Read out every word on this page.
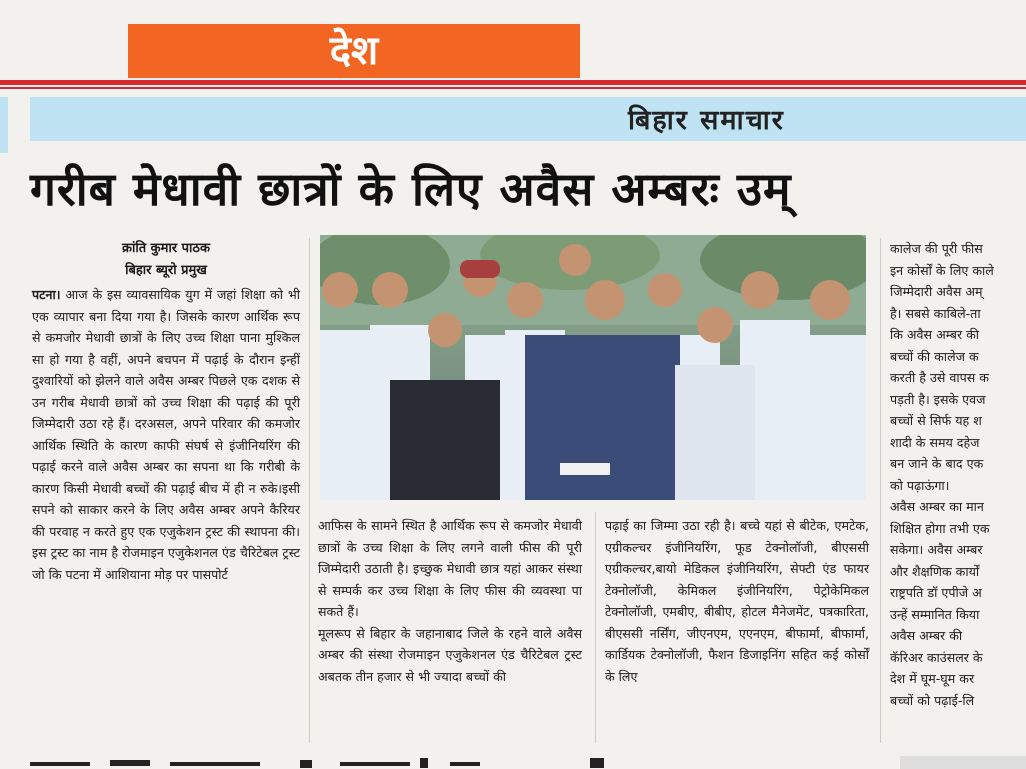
देश
बिहार समाचार
गरीब मेधावी छात्रों के लिए अवैस अम्बरः उम्
क्रांति कुमार पाठक
बिहार ब्यूरो प्रमुख

पटना। आज के इस व्यावसायिक युग में जहां शिक्षा को भी एक व्यापार बना दिया गया है। जिसके कारण आर्थिक रूप से कमजोर मेधावी छात्रों के लिए उच्च शिक्षा पाना मुश्किल सा हो गया है वहीं, अपने बचपन में पढ़ाई के दौरान इन्हीं दुश्वारियों को झेलने वाले अवैस अम्बर पिछले एक दशक से उन गरीब मेधावी छात्रों को उच्च शिक्षा की पढ़ाई की पूरी जिम्मेदारी उठा रहे हैं। दरअसल, अपने परिवार की कमजोर आर्थिक स्थिति के कारण काफी संघर्ष से इंजीनियरिंग की पढ़ाई करने वाले अवैस अम्बर का सपना था कि गरीबी के कारण किसी मेधावी बच्चों की पढ़ाई बीच में ही न रुके।इसी सपने को साकार करने के लिए अवैस अम्बर अपने कैरियर की परवाह न करते हुए एक एजुकेशन ट्रस्ट की स्थापना की। इस ट्रस्ट का नाम है रोजमाइन एजुकेशनल एंड चैरिटेबल ट्रस्ट जो कि पटना में आशियाना मोड़ पर पासपोर्ट

आफिस के सामने स्थित है आर्थिक रूप से कमजोर मेधावी छात्रों के उच्च शिक्षा के लिए लगने वाली फीस की पूरी जिम्मेदारी उठाती है। इच्छुक मेधावी छात्र यहां आकर संस्था से सम्पर्क कर उच्च शिक्षा के लिए फीस की व्यवस्था पा सकते हैं।

मूलरूप से बिहार के जहानाबाद जिले के रहने वाले अवैस अम्बर की संस्था रोजमाइन एजुकेशनल एंड चैरिटेबल ट्रस्ट अबतक तीन हजार से भी ज्यादा बच्चों की

पढ़ाई का जिम्मा उठा रही है। बच्चे यहां से बीटेक, एमटेक, एग्रीकल्चर इंजीनियरिंग, फूड टेक्नोलॉजी, बीएससी एग्रीकल्चर,बायो मेडिकल इंजीनियरिंग, सेफ्टी एंड फायर टेक्नोलॉजी, केमिकल इंजीनियरिंग, पेट्रोकेमिकल टेक्नोलॉजी, एमबीए, बीबीए, होटल मैनेजमेंट, पत्रकारिता, बीएससी नर्सिंग, जीएनएम, एएनएम, बीफार्मा, बीफार्मा, कार्डियक टेक्नोलॉजी, फैशन डिजाइनिंग सहित कई कोर्सों के लिए

कालेज की पूरी फीस
इन कोर्सों के लिए काले
जिम्मेदारी अवैस अम्
है। सबसे काबिले-ता
कि अवैस अम्बर की
बच्चों की कालेज क
करती है उसे वापस क
पड़ती है। इसके एवज
बच्चों से सिर्फ यह श
शादी के समय दहेज
बन जाने के बाद एक
को पढ़ाऊंगा।
अवैस अम्बर का मान
शिक्षित होगा तभी एक
सकेगा। अवैस अम्बर
और शैक्षणिक कार्यों
राष्ट्रपति डॉ एपीजे अ
उन्हें सम्मानित किया
अवैस अम्बर की
कॅरिअर काउंसलर के
देश में घूम-घूम कर
बच्चों को पढ़ाई-लि
